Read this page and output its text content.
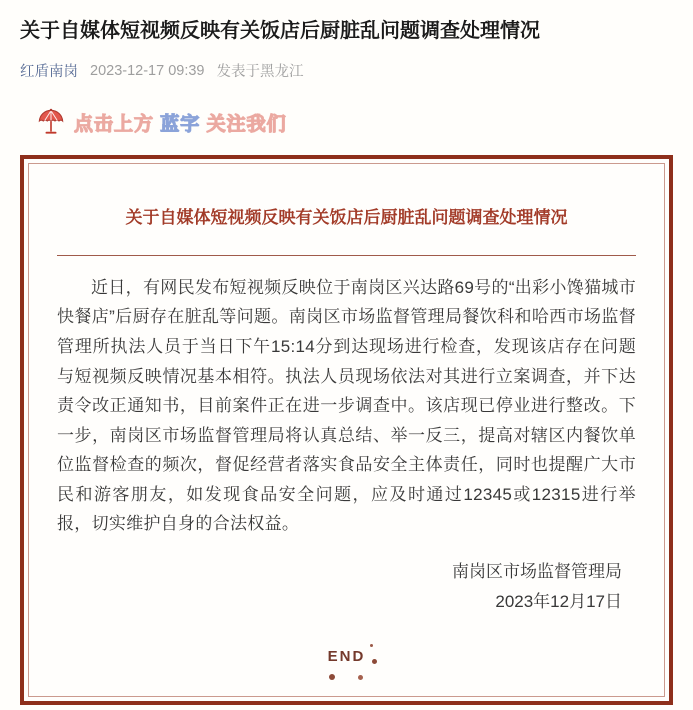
关于自媒体短视频反映有关饭店后厨脏乱问题调查处理情况
红盾南岗 2023-12-17 09:39 发表于黑龙江
点击上方 蓝字 关注我们
关于自媒体短视频反映有关饭店后厨脏乱问题调查处理情况

近日，有网民发布短视频反映位于南岗区兴达路69号的“出彩小馋猫城市快餐店”后厨存在脏乱等问题。南岗区市场监督管理局餐饮科和哈西市场监督管理所执法人员于当日下午15:14分到达现场进行检查，发现该店存在问题与短视频反映情况基本相符。执法人员现场依法对其进行立案调查，并下达责令改正通知书，目前案件正在进一步调查中。该店现已停业进行整改。下一步，南岗区市场监督管理局将认真总结、举一反三，提高对辖区内餐饮单位监督检查的频次，督促经营者落实食品安全主体责任，同时也提醒广大市民和游客朋友，如发现食品安全问题，应及时通过12345或12315进行举报，切实维护自身的合法权益。

南岗区市场监督管理局
2023年12月17日
END
